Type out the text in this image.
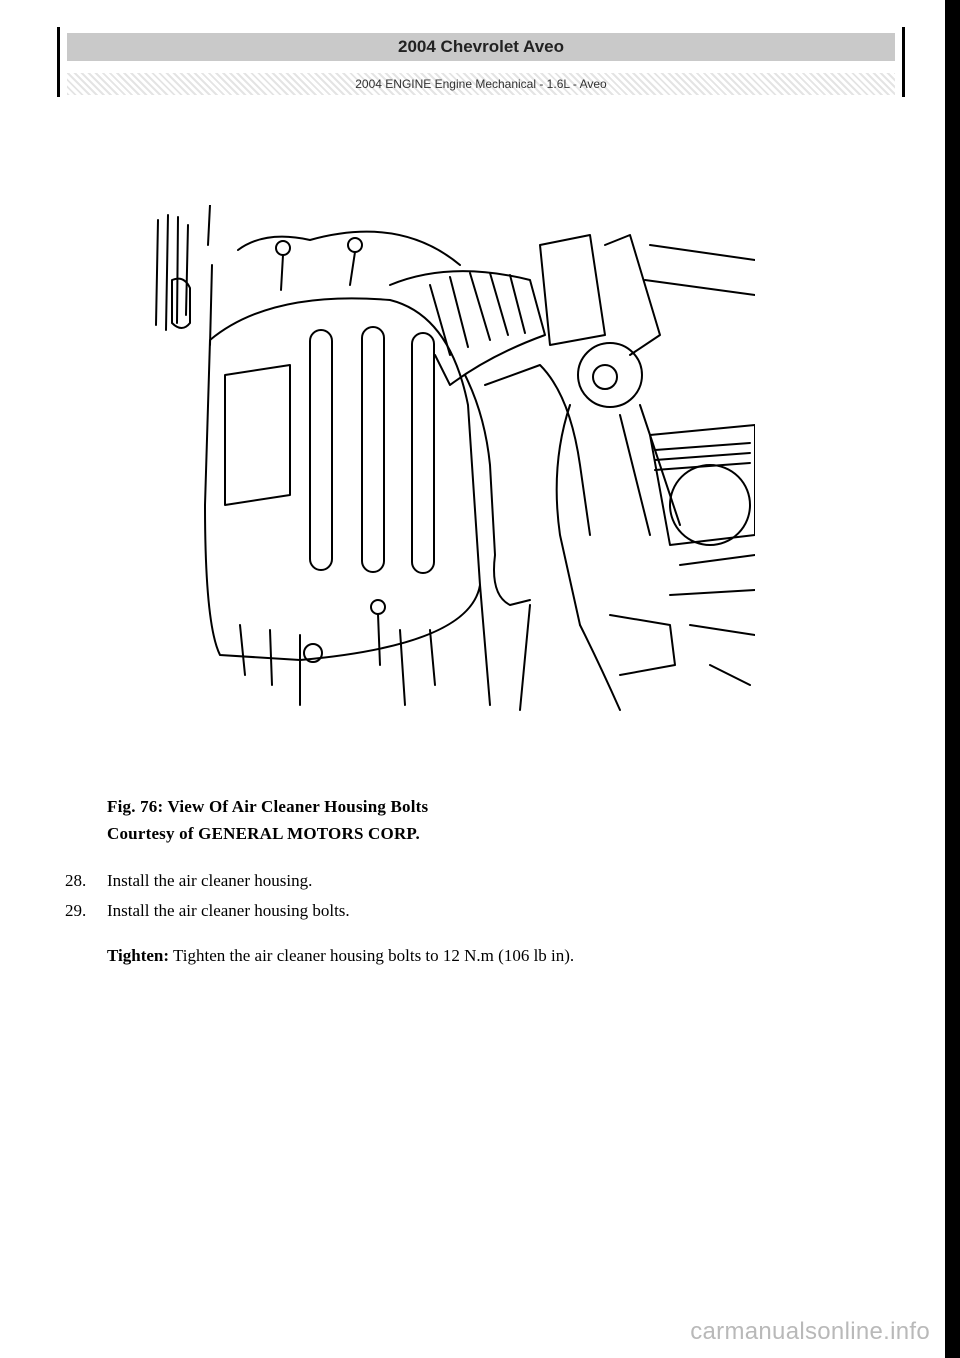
2004 Chevrolet Aveo
2004 ENGINE Engine Mechanical - 1.6L - Aveo
Fig. 76: View Of Air Cleaner Housing Bolts
Courtesy of GENERAL MOTORS CORP.
28. Install the air cleaner housing.
29. Install the air cleaner housing bolts.
Tighten: Tighten the air cleaner housing bolts to 12 N.m (106 lb in).
carmanualsonline.info
